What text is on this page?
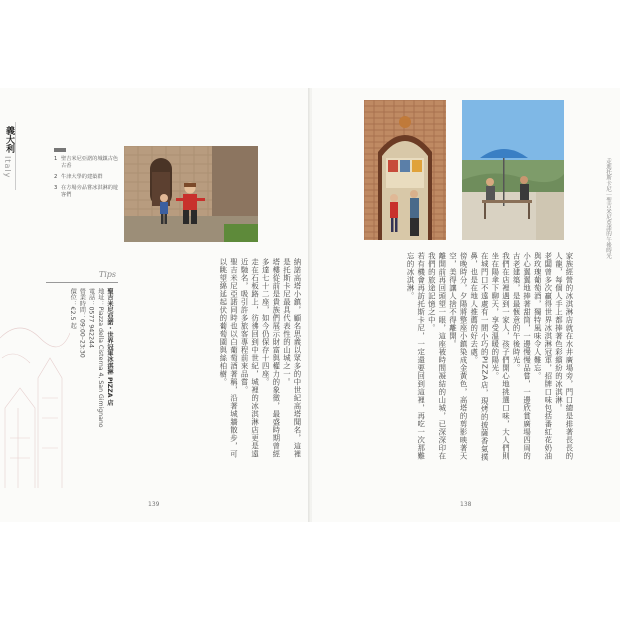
義大利
Italy	1 聖吉米尼亞諾的城鎮古色古香
2 牛津大學的建築群
3 在方場旁品嘗冰淇淋的遊客們

納諾高塔小鎮，顧名思義以眾多的中世紀高塔聞名，這裡是托斯卡尼最具代表性的山城之一。

塔樓從前是貴族們展示財富與權力的象徵，最盛時期曾經多達七十二座，如今仍保存十四座。

走在石板路上，彷彿回到中世紀，城裡的冰淇淋店更是遠近馳名，吸引許多旅客專程前來品嘗。

聖吉米尼亞諾同時也以白葡萄酒著稱，沿著城牆散步，可以眺望綿延起伏的葡萄園與絲柏樹。

Tips

聖吉米尼亞諾・世界冠軍冰淇淋 PIZZA 店

地址：Piazza della Cisterna 4, San Gimignano

電話：0577 942244

營業時間：09:00–23:30

價位：€2.5 起

139
走進托斯卡尼｜聖吉米尼亞諾的午後時光

家族經營的冰淇淋店就在水井廣場旁，門口總是排著長長的人龍，每個人手上都捧著色彩繽紛的冰淇淋。

老闆曾多次贏得世界冰淇淋冠軍，招牌口味包括番紅花奶油與玫瑰葡萄酒，獨特風味令人難忘。

小心翼翼地捧著甜筒，一邊慢慢品嘗，一邊欣賞廣場四周的古老建築，是最愜意的午後時光。

我們在店裡遇到一家人，孩子們開心地挑選口味，大人們則坐在陽傘下聊天，享受溫暖的陽光。

在城門口不遠處有一間小巧的PIZZA店，現烤的披薩香氣撲鼻，也是在地人推薦的好去處。

傍晚時分，夕陽將整座小鎮染成金黃色，高塔的剪影映著天空，美得讓人捨不得離開。

離開前再回頭望一眼，這座被時間凝結的山城，已深深印在我們的旅途記憶之中。

若有機會再訪托斯卡尼，一定還要回到這裡，再吃一次那難忘的冰淇淋。

138
